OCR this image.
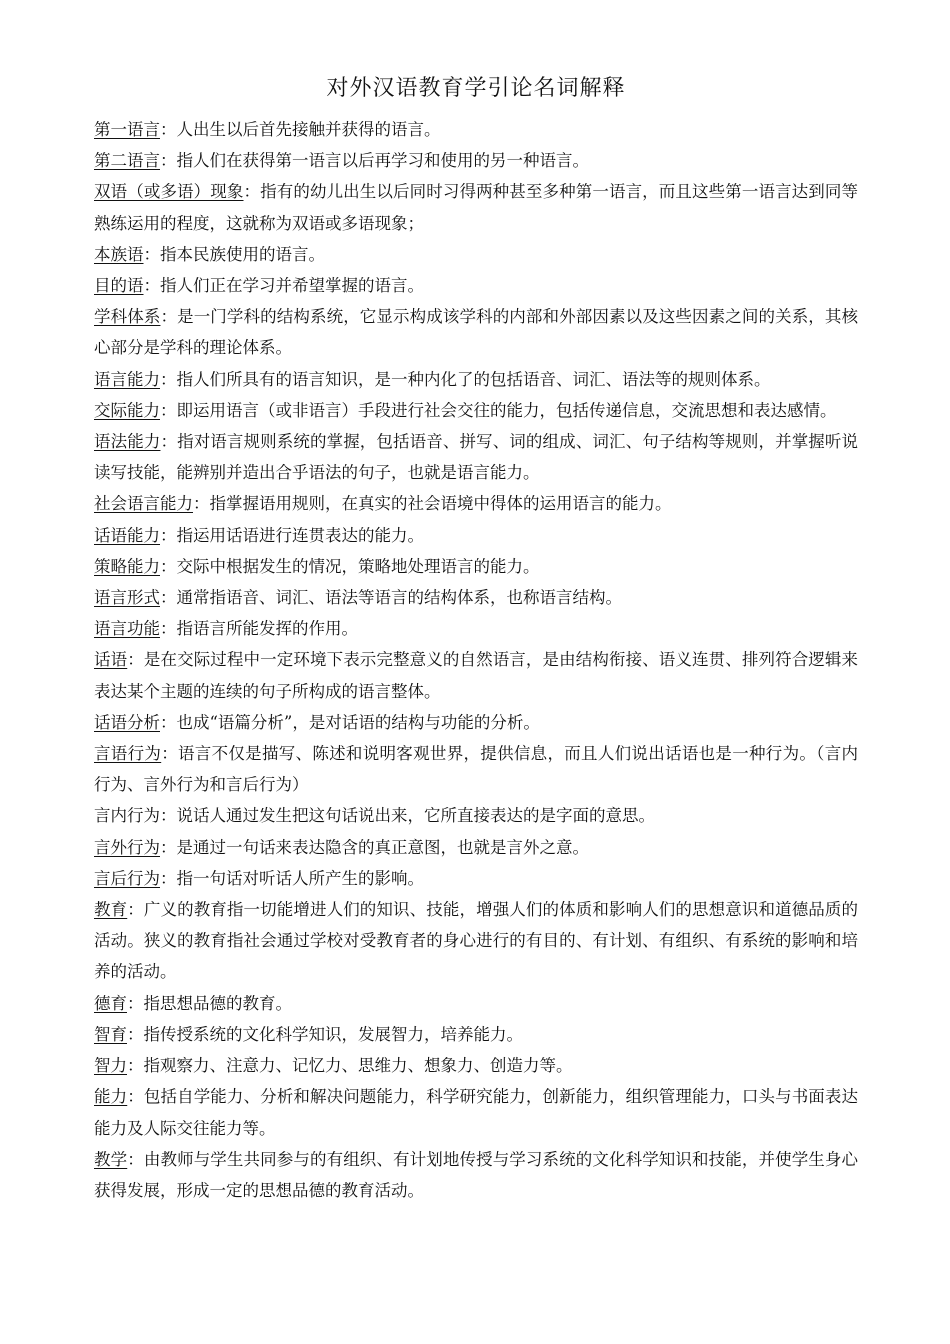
对外汉语教育学引论名词解释

第一语言：人出生以后首先接触并获得的语言。

第二语言：指人们在获得第一语言以后再学习和使用的另一种语言。

双语（或多语）现象：指有的幼儿出生以后同时习得两种甚至多种第一语言，而且这些第一语言达到同等熟练运用的程度，这就称为双语或多语现象；

本族语：指本民族使用的语言。

目的语：指人们正在学习并希望掌握的语言。

学科体系：是一门学科的结构系统，它显示构成该学科的内部和外部因素以及这些因素之间的关系，其核心部分是学科的理论体系。

语言能力：指人们所具有的语言知识，是一种内化了的包括语音、词汇、语法等的规则体系。

交际能力：即运用语言（或非语言）手段进行社会交往的能力，包括传递信息，交流思想和表达感情。

语法能力：指对语言规则系统的掌握，包括语音、拼写、词的组成、词汇、句子结构等规则，并掌握听说读写技能，能辨别并造出合乎语法的句子，也就是语言能力。

社会语言能力：指掌握语用规则，在真实的社会语境中得体的运用语言的能力。

话语能力：指运用话语进行连贯表达的能力。

策略能力：交际中根据发生的情况，策略地处理语言的能力。

语言形式：通常指语音、词汇、语法等语言的结构体系，也称语言结构。

语言功能：指语言所能发挥的作用。

话语：是在交际过程中一定环境下表示完整意义的自然语言，是由结构衔接、语义连贯、排列符合逻辑来表达某个主题的连续的句子所构成的语言整体。

话语分析：也成“语篇分析”，是对话语的结构与功能的分析。

言语行为：语言不仅是描写、陈述和说明客观世界，提供信息，而且人们说出话语也是一种行为。（言内行为、言外行为和言后行为）

言内行为：说话人通过发生把这句话说出来，它所直接表达的是字面的意思。

言外行为：是通过一句话来表达隐含的真正意图，也就是言外之意。

言后行为：指一句话对听话人所产生的影响。

教育：广义的教育指一切能增进人们的知识、技能，增强人们的体质和影响人们的思想意识和道德品质的活动。狭义的教育指社会通过学校对受教育者的身心进行的有目的、有计划、有组织、有系统的影响和培养的活动。

德育：指思想品德的教育。

智育：指传授系统的文化科学知识，发展智力，培养能力。

智力：指观察力、注意力、记忆力、思维力、想象力、创造力等。

能力：包括自学能力、分析和解决问题能力，科学研究能力，创新能力，组织管理能力，口头与书面表达能力及人际交往能力等。

教学：由教师与学生共同参与的有组织、有计划地传授与学习系统的文化科学知识和技能，并使学生身心获得发展，形成一定的思想品德的教育活动。
